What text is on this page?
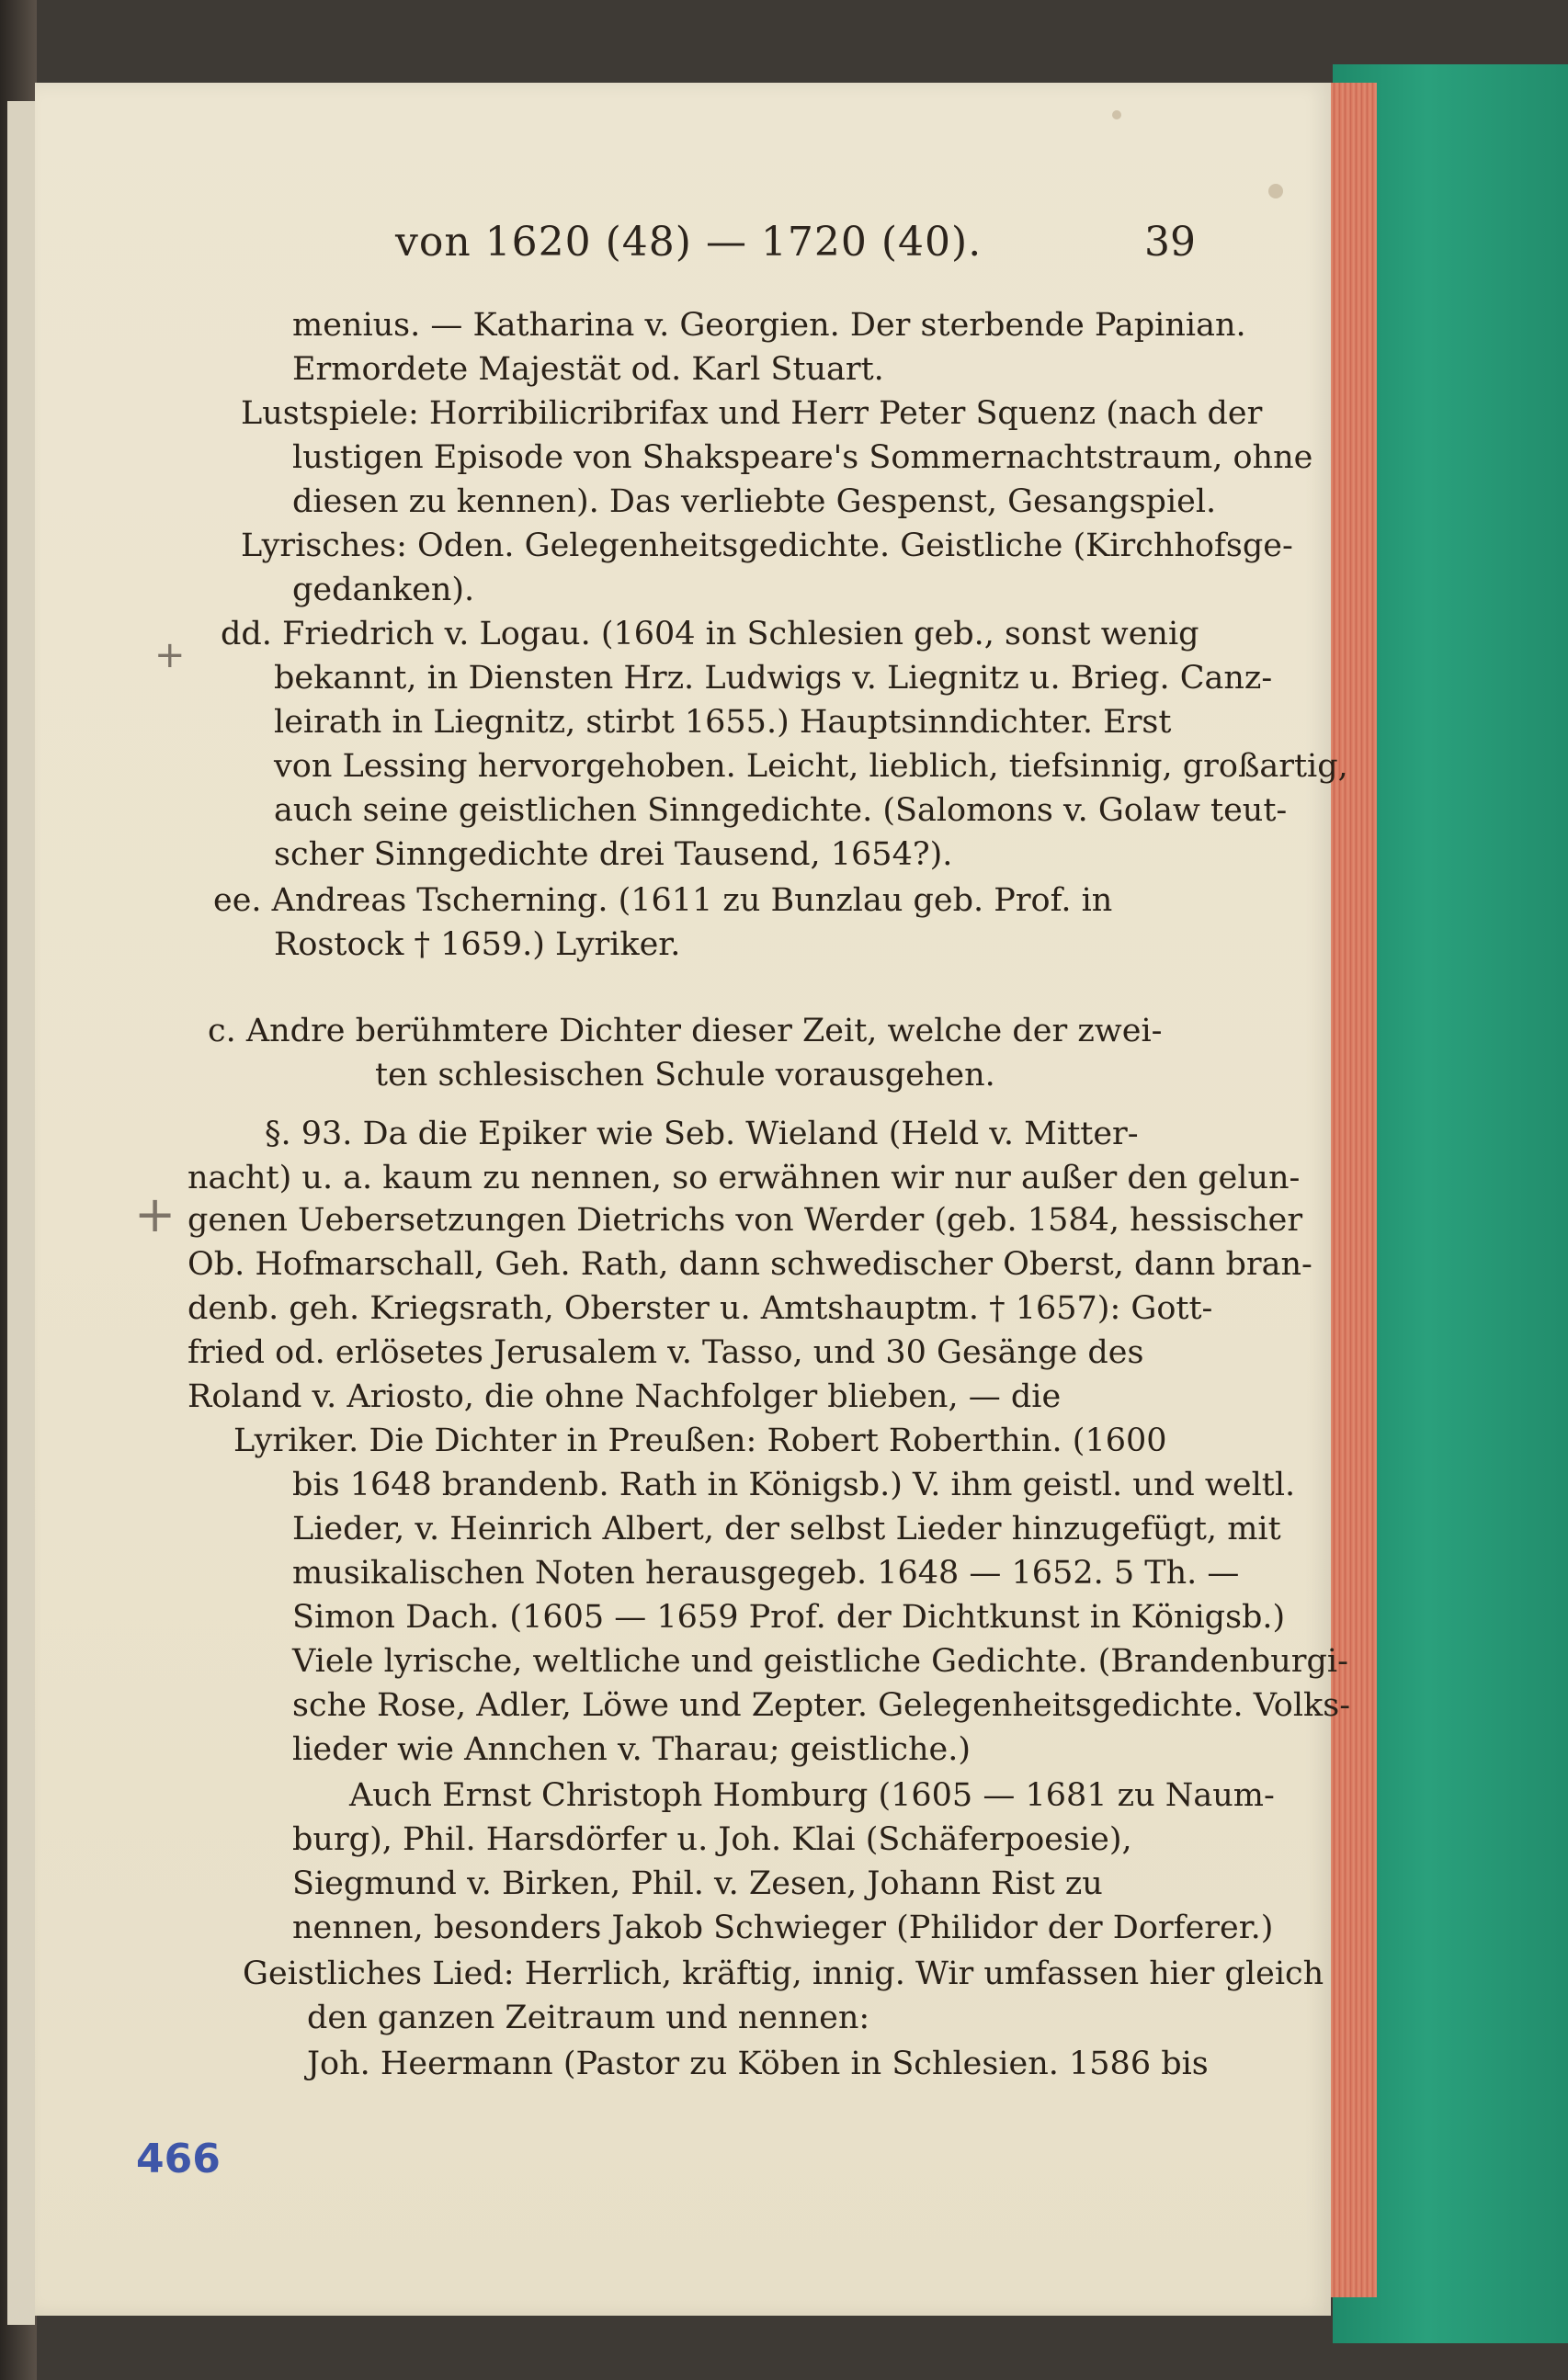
von 1620 (48) — 1720 (40).	39
menius. — Katharina v. Georgien. Der sterbende Papinian.
Ermordete Majestät od. Karl Stuart.
Lustspiele: Horribilicribrifax und Herr Peter Squenz (nach der
lustigen Episode von Shakspeare's Sommernachtstraum, ohne
diesen zu kennen). Das verliebte Gespenst, Gesangspiel.
Lyrisches: Oden. Gelegenheitsgedichte. Geistliche (Kirchhofsge-
gedanken).
dd. Friedrich v. Logau. (1604 in Schlesien geb., sonst wenig
bekannt, in Diensten Hrz. Ludwigs v. Liegnitz u. Brieg. Canz-
leirath in Liegnitz, stirbt 1655.) Hauptsinndichter. Erst
von Lessing hervorgehoben. Leicht, lieblich, tiefsinnig, großartig,
auch seine geistlichen Sinngedichte. (Salomons v. Golaw teut-
scher Sinngedichte drei Tausend, 1654?).
ee. Andreas Tscherning. (1611 zu Bunzlau geb. Prof. in
Rostock † 1659.) Lyriker.
c. Andre berühmtere Dichter dieser Zeit, welche der zwei-
ten schlesischen Schule vorausgehen.
§. 93. Da die Epiker wie Seb. Wieland (Held v. Mitter-
nacht) u. a. kaum zu nennen, so erwähnen wir nur außer den gelun-
genen Uebersetzungen Dietrichs von Werder (geb. 1584, hessischer
Ob. Hofmarschall, Geh. Rath, dann schwedischer Oberst, dann bran-
denb. geh. Kriegsrath, Oberster u. Amtshauptm. † 1657): Gott-
fried od. erlösetes Jerusalem v. Tasso, und 30 Gesänge des
Roland v. Ariosto, die ohne Nachfolger blieben, — die
Lyriker. Die Dichter in Preußen: Robert Roberthin. (1600
bis 1648 brandenb. Rath in Königsb.) V. ihm geistl. und weltl.
Lieder, v. Heinrich Albert, der selbst Lieder hinzugefügt, mit
musikalischen Noten herausgegeb. 1648 — 1652. 5 Th. —
Simon Dach. (1605 — 1659 Prof. der Dichtkunst in Königsb.)
Viele lyrische, weltliche und geistliche Gedichte. (Brandenburgi-
sche Rose, Adler, Löwe und Zepter. Gelegenheitsgedichte. Volks-
lieder wie Annchen v. Tharau; geistliche.)
Auch Ernst Christoph Homburg (1605 — 1681 zu Naum-
burg), Phil. Harsdörfer u. Joh. Klai (Schäferpoesie),
Siegmund v. Birken, Phil. v. Zesen, Johann Rist zu
nennen, besonders Jakob Schwieger (Philidor der Dorferer.)
Geistliches Lied: Herrlich, kräftig, innig. Wir umfassen hier gleich
den ganzen Zeitraum und nennen:
Joh. Heermann (Pastor zu Köben in Schlesien. 1586 bis
+
+
466
